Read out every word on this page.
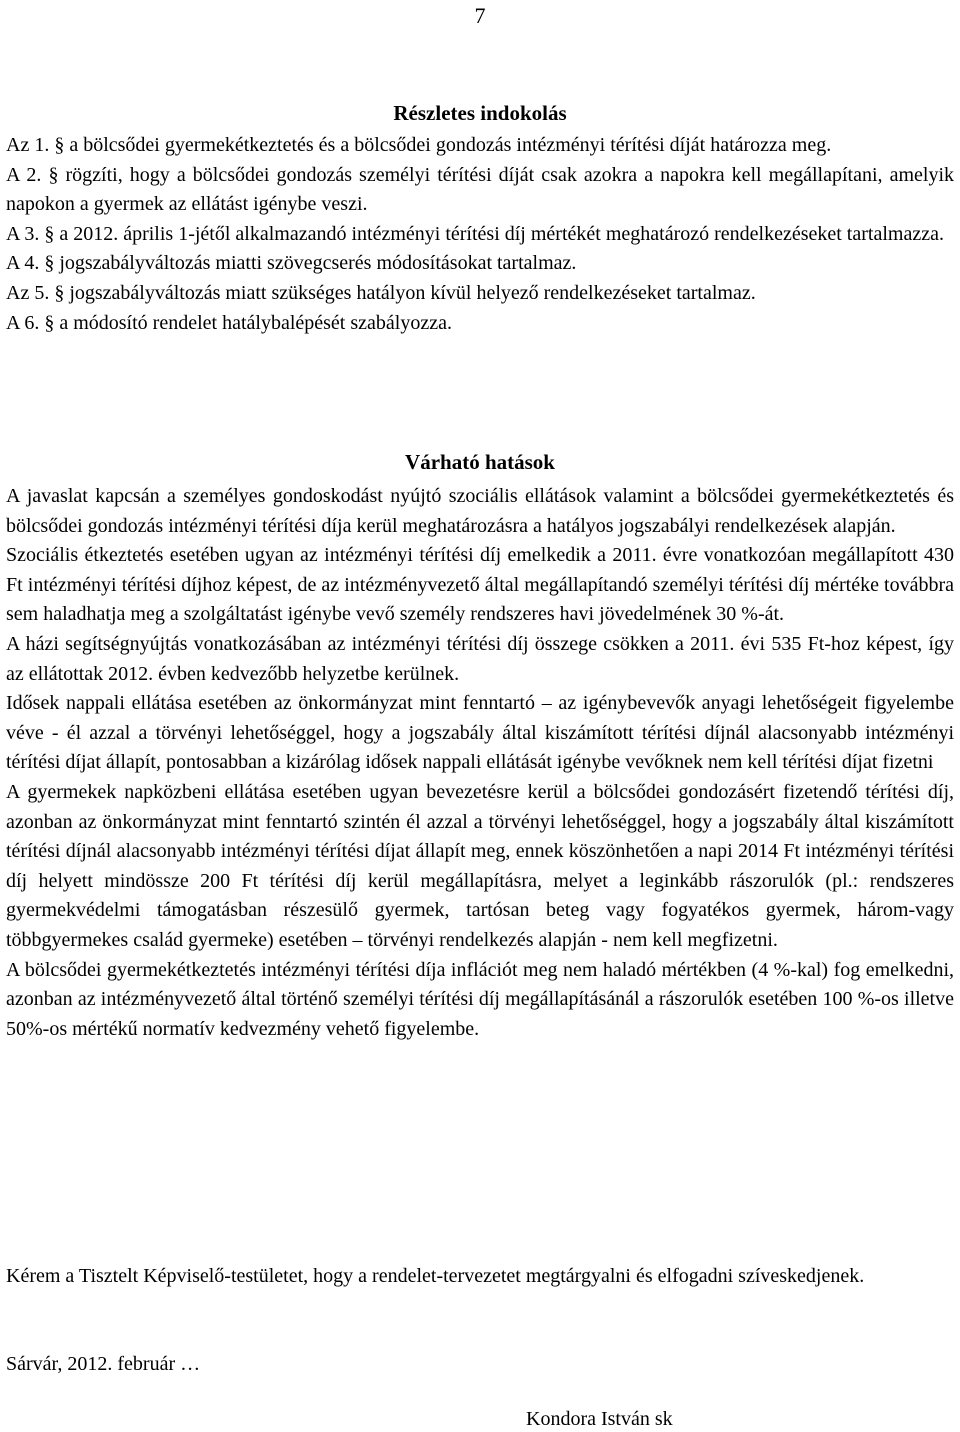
7
Részletes indokolás

Az 1. § a bölcsődei gyermekétkeztetés és a bölcsődei gondozás intézményi térítési díját határozza meg.

A 2. § rögzíti, hogy a bölcsődei gondozás személyi térítési díját csak azokra a napokra kell megállapítani, amelyik napokon a gyermek az ellátást igénybe veszi.

A 3. § a 2012. április 1-jétől alkalmazandó intézményi térítési díj mértékét meghatározó rendelkezéseket tartalmazza.

A 4. § jogszabályváltozás miatti szövegcserés módosításokat tartalmaz.

Az 5. § jogszabályváltozás miatt szükséges hatályon kívül helyező rendelkezéseket tartalmaz.

A 6. § a módosító rendelet hatálybalépését szabályozza.

Várható hatások

A javaslat kapcsán a személyes gondoskodást nyújtó szociális ellátások valamint a bölcsődei gyermekétkeztetés és bölcsődei gondozás intézményi térítési díja kerül meghatározásra a hatályos jogszabályi rendelkezések alapján.

Szociális étkeztetés esetében ugyan az intézményi térítési díj emelkedik a 2011. évre vonatkozóan megállapított 430 Ft intézményi térítési díjhoz képest, de az intézményvezető által megállapítandó személyi térítési díj mértéke továbbra sem haladhatja meg a szolgáltatást igénybe vevő személy rendszeres havi jövedelmének 30 %-át.

A házi segítségnyújtás vonatkozásában az intézményi térítési díj összege csökken a 2011. évi 535 Ft-hoz képest, így az ellátottak 2012. évben kedvezőbb helyzetbe kerülnek.

Idősek nappali ellátása esetében az önkormányzat mint fenntartó – az igénybevevők anyagi lehetőségeit figyelembe véve - él azzal a törvényi lehetőséggel, hogy a jogszabály által kiszámított térítési díjnál alacsonyabb intézményi térítési díjat állapít, pontosabban a kizárólag idősek nappali ellátását igénybe vevőknek nem kell térítési díjat fizetni

A gyermekek napközbeni ellátása esetében ugyan bevezetésre kerül a bölcsődei gondozásért fizetendő térítési díj, azonban az önkormányzat mint fenntartó szintén él azzal a törvényi lehetőséggel, hogy a jogszabály által kiszámított térítési díjnál alacsonyabb intézményi térítési díjat állapít meg, ennek köszönhetően a napi 2014 Ft intézményi térítési díj helyett mindössze 200 Ft térítési díj kerül megállapításra, melyet a leginkább rászorulók (pl.: rendszeres gyermekvédelmi támogatásban részesülő gyermek, tartósan beteg vagy fogyatékos gyermek, három-vagy többgyermekes család gyermeke) esetében – törvényi rendelkezés alapján - nem kell megfizetni.

A bölcsődei gyermekétkeztetés intézményi térítési díja inflációt meg nem haladó mértékben (4 %-kal) fog emelkedni, azonban az intézményvezető által történő személyi térítési díj megállapításánál a rászorulók esetében 100 %-os illetve 50%-os mértékű normatív kedvezmény vehető figyelembe.

Kérem a Tisztelt Képviselő-testületet, hogy a rendelet-tervezetet megtárgyalni és elfogadni szíveskedjenek.

Sárvár, 2012. február …
Kondora István sk
